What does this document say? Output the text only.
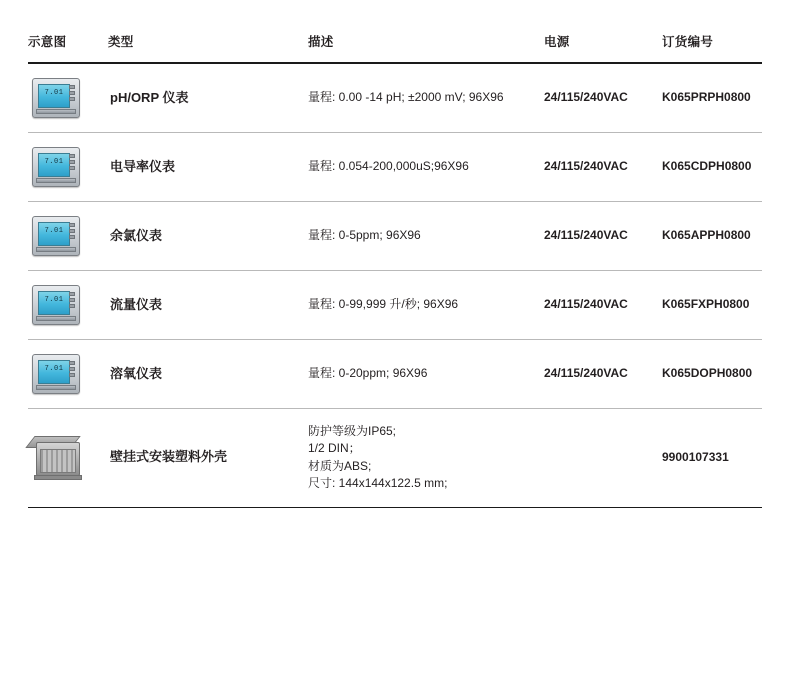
示意图	类型	描述	电源	订货编号

7.01	pH/ORP 仪表	量程: 0.00 -14 pH; ±2000 mV; 96X96	24/115/240VAC	K065PRPH0800

7.01	电导率仪表	量程: 0.054-200,000uS;96X96	24/115/240VAC	K065CDPH0800

7.01	余氯仪表	量程: 0-5ppm; 96X96	24/115/240VAC	K065APPH0800

7.01	流量仪表	量程: 0-99,999 升/秒; 96X96	24/115/240VAC	K065FXPH0800

7.01	溶氧仪表	量程: 0-20ppm; 96X96	24/115/240VAC	K065DOPH0800

	壁挂式安装塑料外壳	防护等级为IP65;
1/2 DIN；
材质为ABS;
尺寸: 144x144x122.5 mm;		9900107331
